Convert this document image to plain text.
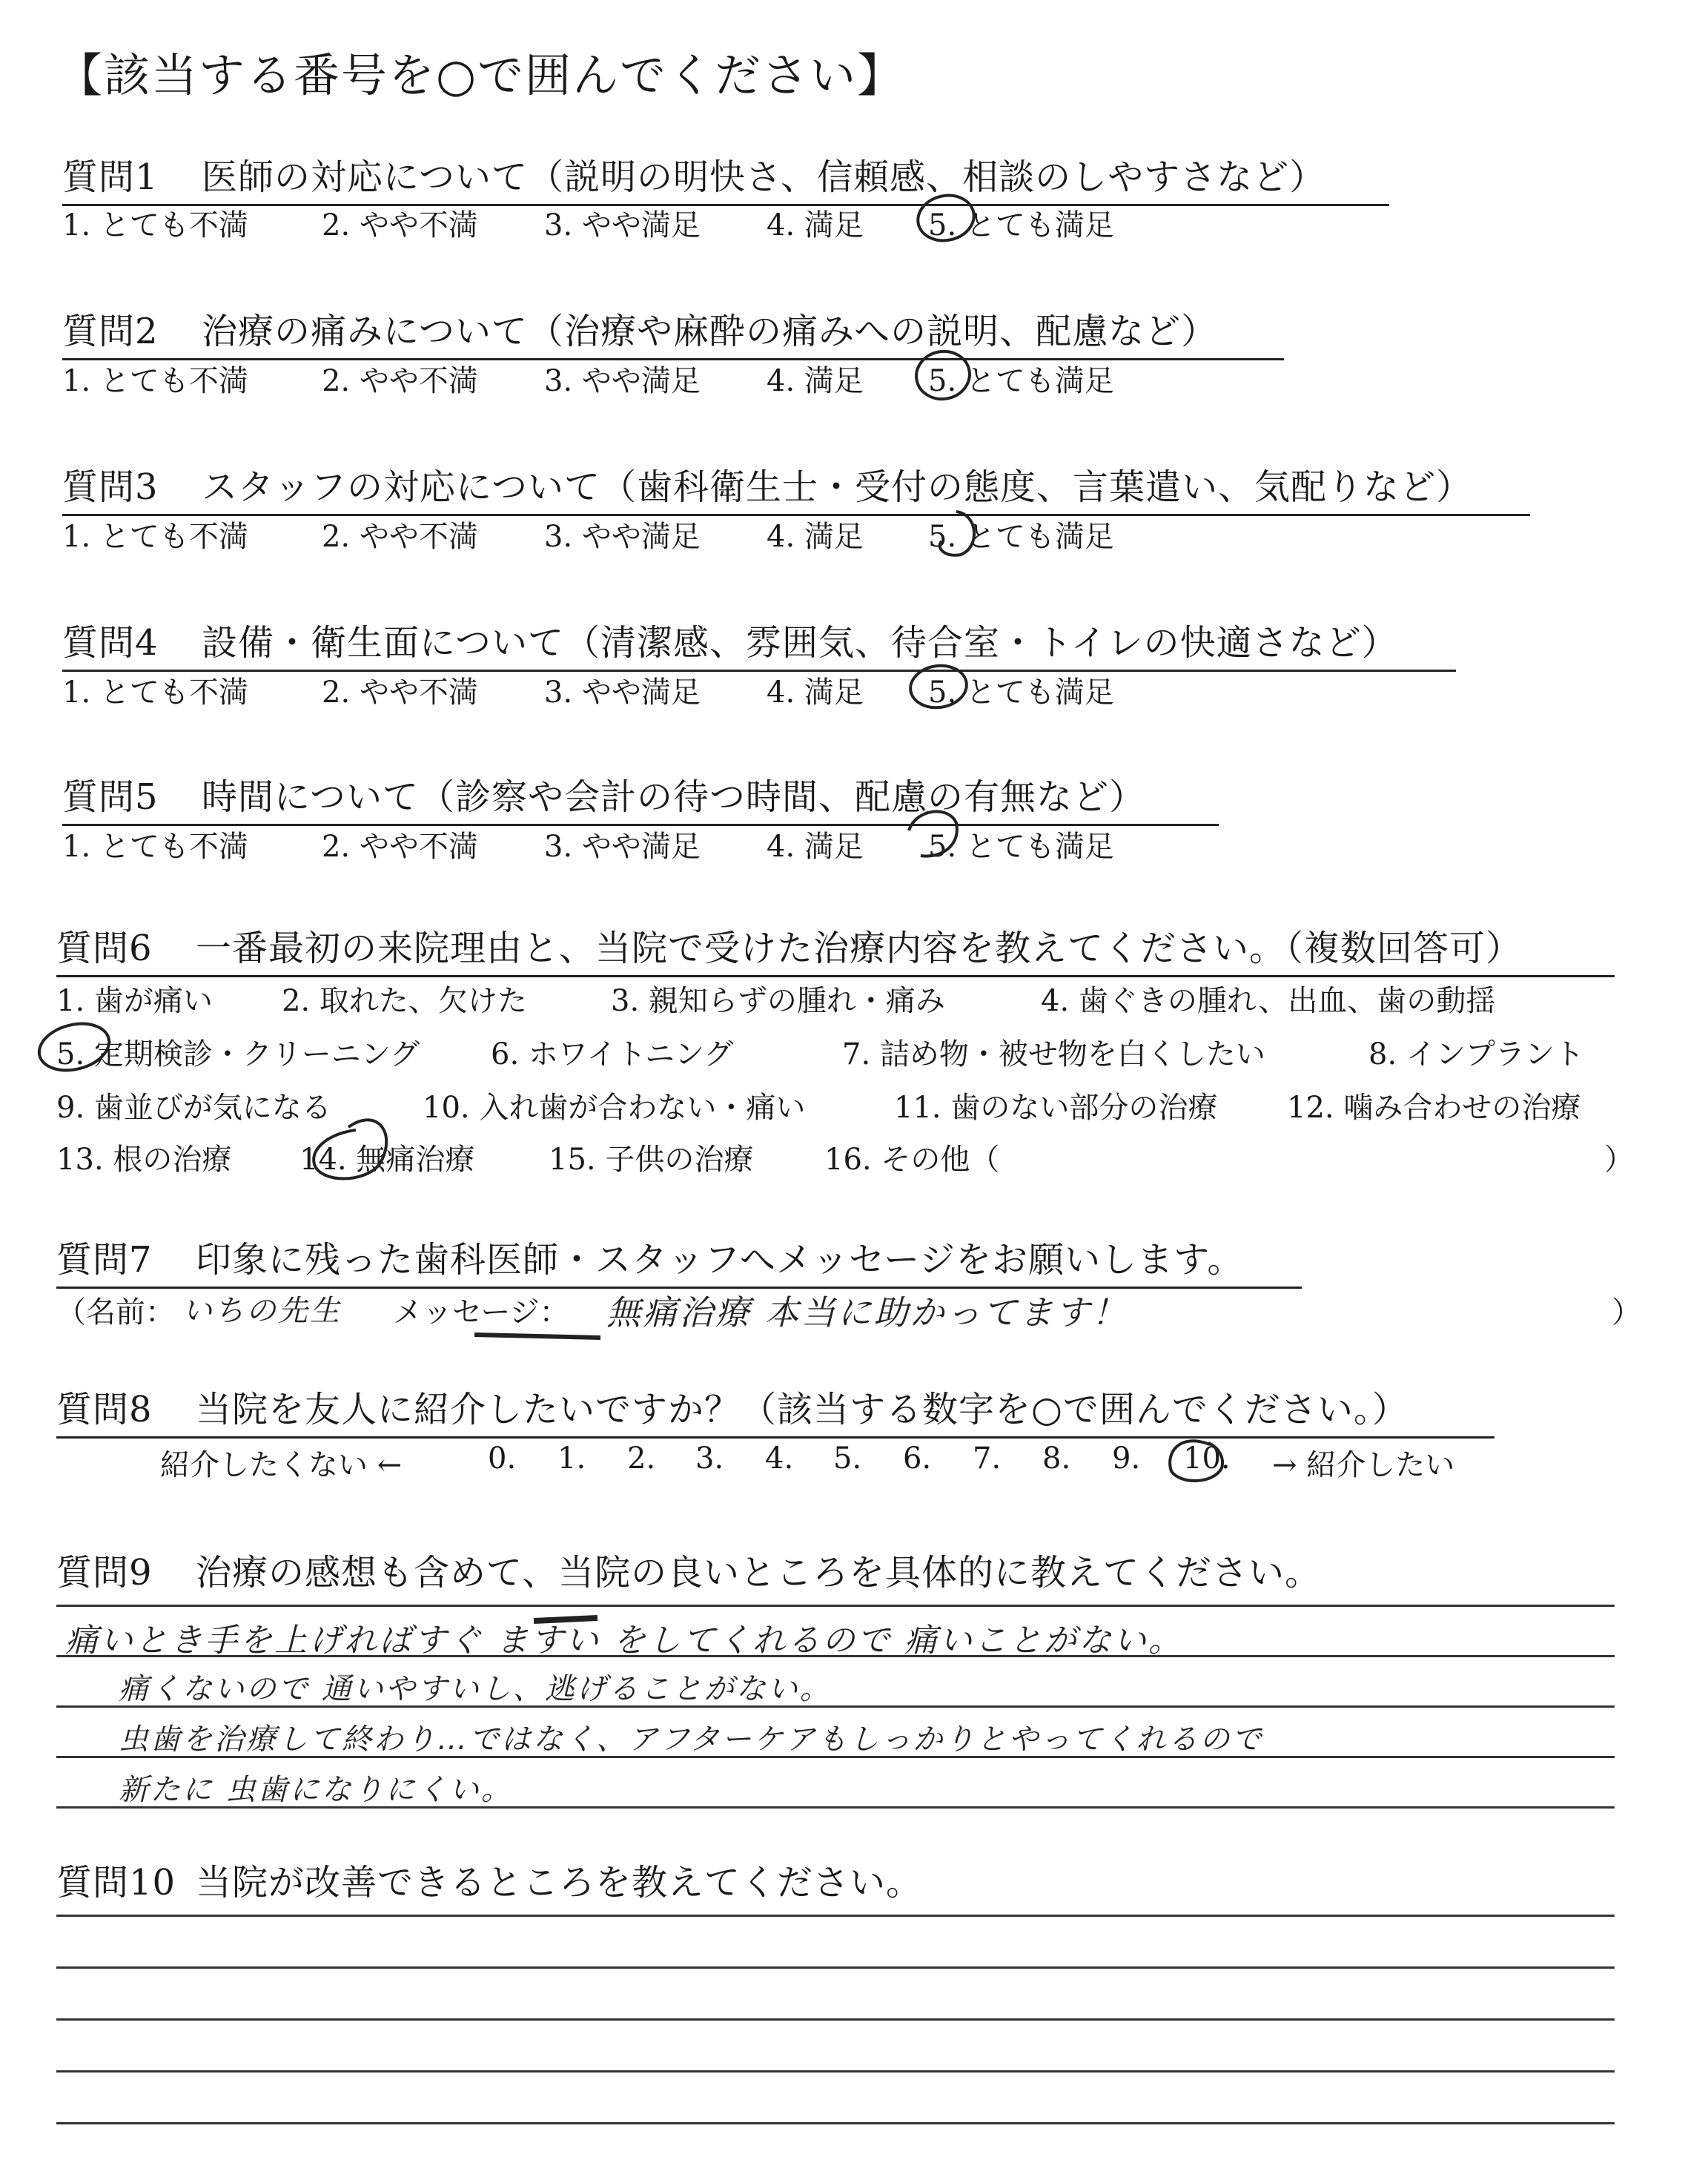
【該当する番号を○で囲んでください】
質問1 医師の対応について（説明の明快さ、信頼感、相談のしやすさなど）
1. とても不満 2. やや不満 3. やや満足 4. 満足 5. とても満足
質問2 治療の痛みについて（治療や麻酔の痛みへの説明、配慮など）
1. とても不満 2. やや不満 3. やや満足 4. 満足 5. とても満足
質問3 スタッフの対応について（歯科衛生士・受付の態度、言葉遣い、気配りなど）
1. とても不満 2. やや不満 3. やや満足 4. 満足 5. とても満足
質問4 設備・衛生面について（清潔感、雰囲気、待合室・トイレの快適さなど）
1. とても不満 2. やや不満 3. やや満足 4. 満足 5. とても満足
質問5 時間について（診察や会計の待つ時間、配慮の有無など）
1. とても不満 2. やや不満 3. やや満足 4. 満足 5. とても満足
質問6 一番最初の来院理由と、当院で受けた治療内容を教えてください。（複数回答可）
1. 歯が痛い 2. 取れた、欠けた	3. 親知らずの腫れ・痛み	4. 歯ぐきの腫れ、出血、歯の動揺
5. 定期検診・クリーニング 6. ホワイトニング	7. 詰め物・被せ物を白くしたい	8. インプラント
9. 歯並びが気になる	10. 入れ歯が合わない・痛い	11. 歯のない部分の治療 12. 噛み合わせの治療
13. 根の治療 14. 無痛治療 15. 子供の治療 16. その他（	）
質問7 印象に残った歯科医師・スタッフへメッセージをお願いします。
（名前： いちの先生 メッセージ： 無痛治療 本当に助かってます！	）
質問8 当院を友人に紹介したいですか？（該当する数字を○で囲んでください。）
紹介したくない ←	0. 1. 2. 3. 4. 5. 6. 7. 8. 9. 10. → 紹介したい
質問9 治療の感想も含めて、当院の良いところを具体的に教えてください。
痛いとき手を上げればすぐ ますい をしてくれるので 痛いことがない。
痛くないので 通いやすいし、逃げることがない。
虫歯を治療して終わり…ではなく、アフターケアもしっかりとやってくれるので
新たに 虫歯になりにくい。
質問10 当院が改善できるところを教えてください。
